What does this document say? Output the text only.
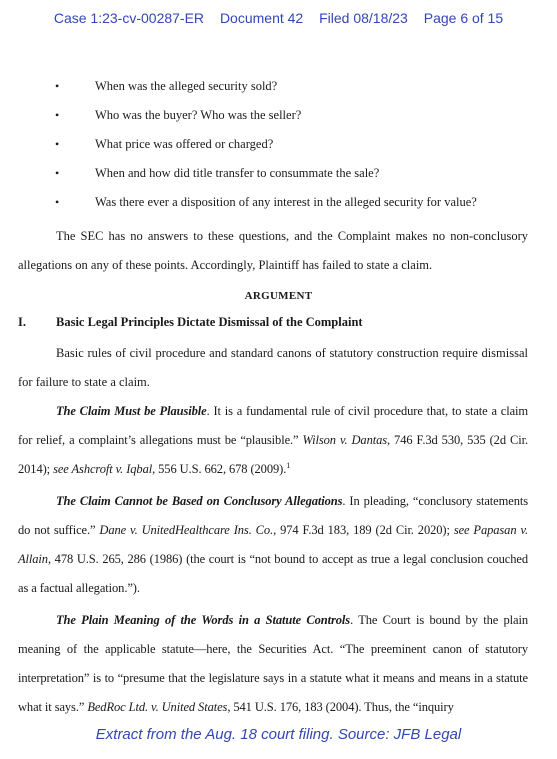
Case 1:23-cv-00287-ER Document 42 Filed 08/18/23 Page 6 of 15
•	When was the alleged security sold?
•	Who was the buyer? Who was the seller?
•	What price was offered or charged?
•	When and how did title transfer to consummate the sale?
•	Was there ever a disposition of any interest in the alleged security for value?
The SEC has no answers to these questions, and the Complaint makes no non-conclusory allegations on any of these points. Accordingly, Plaintiff has failed to state a claim.
ARGUMENT
I. Basic Legal Principles Dictate Dismissal of the Complaint
Basic rules of civil procedure and standard canons of statutory construction require dismissal for failure to state a claim.
The Claim Must be Plausible. It is a fundamental rule of civil procedure that, to state a claim for relief, a complaint’s allegations must be “plausible.” Wilson v. Dantas, 746 F.3d 530, 535 (2d Cir. 2014); see Ashcroft v. Iqbal, 556 U.S. 662, 678 (2009).$^1$
The Claim Cannot be Based on Conclusory Allegations. In pleading, “conclusory statements do not suffice.” Dane v. UnitedHealthcare Ins. Co., 974 F.3d 183, 189 (2d Cir. 2020); see Papasan v. Allain, 478 U.S. 265, 286 (1986) (the court is “not bound to accept as true a legal conclusion couched as a factual allegation.”).
The Plain Meaning of the Words in a Statute Controls. The Court is bound by the plain meaning of the applicable statute—here, the Securities Act. “The preeminent canon of statutory interpretation” is to “presume that the legislature says in a statute what it means and means in a statute what it says.” BedRoc Ltd. v. United States, 541 U.S. 176, 183 (2004). Thus, the “inquiry
Extract from the Aug. 18 court filing. Source: JFB Legal
